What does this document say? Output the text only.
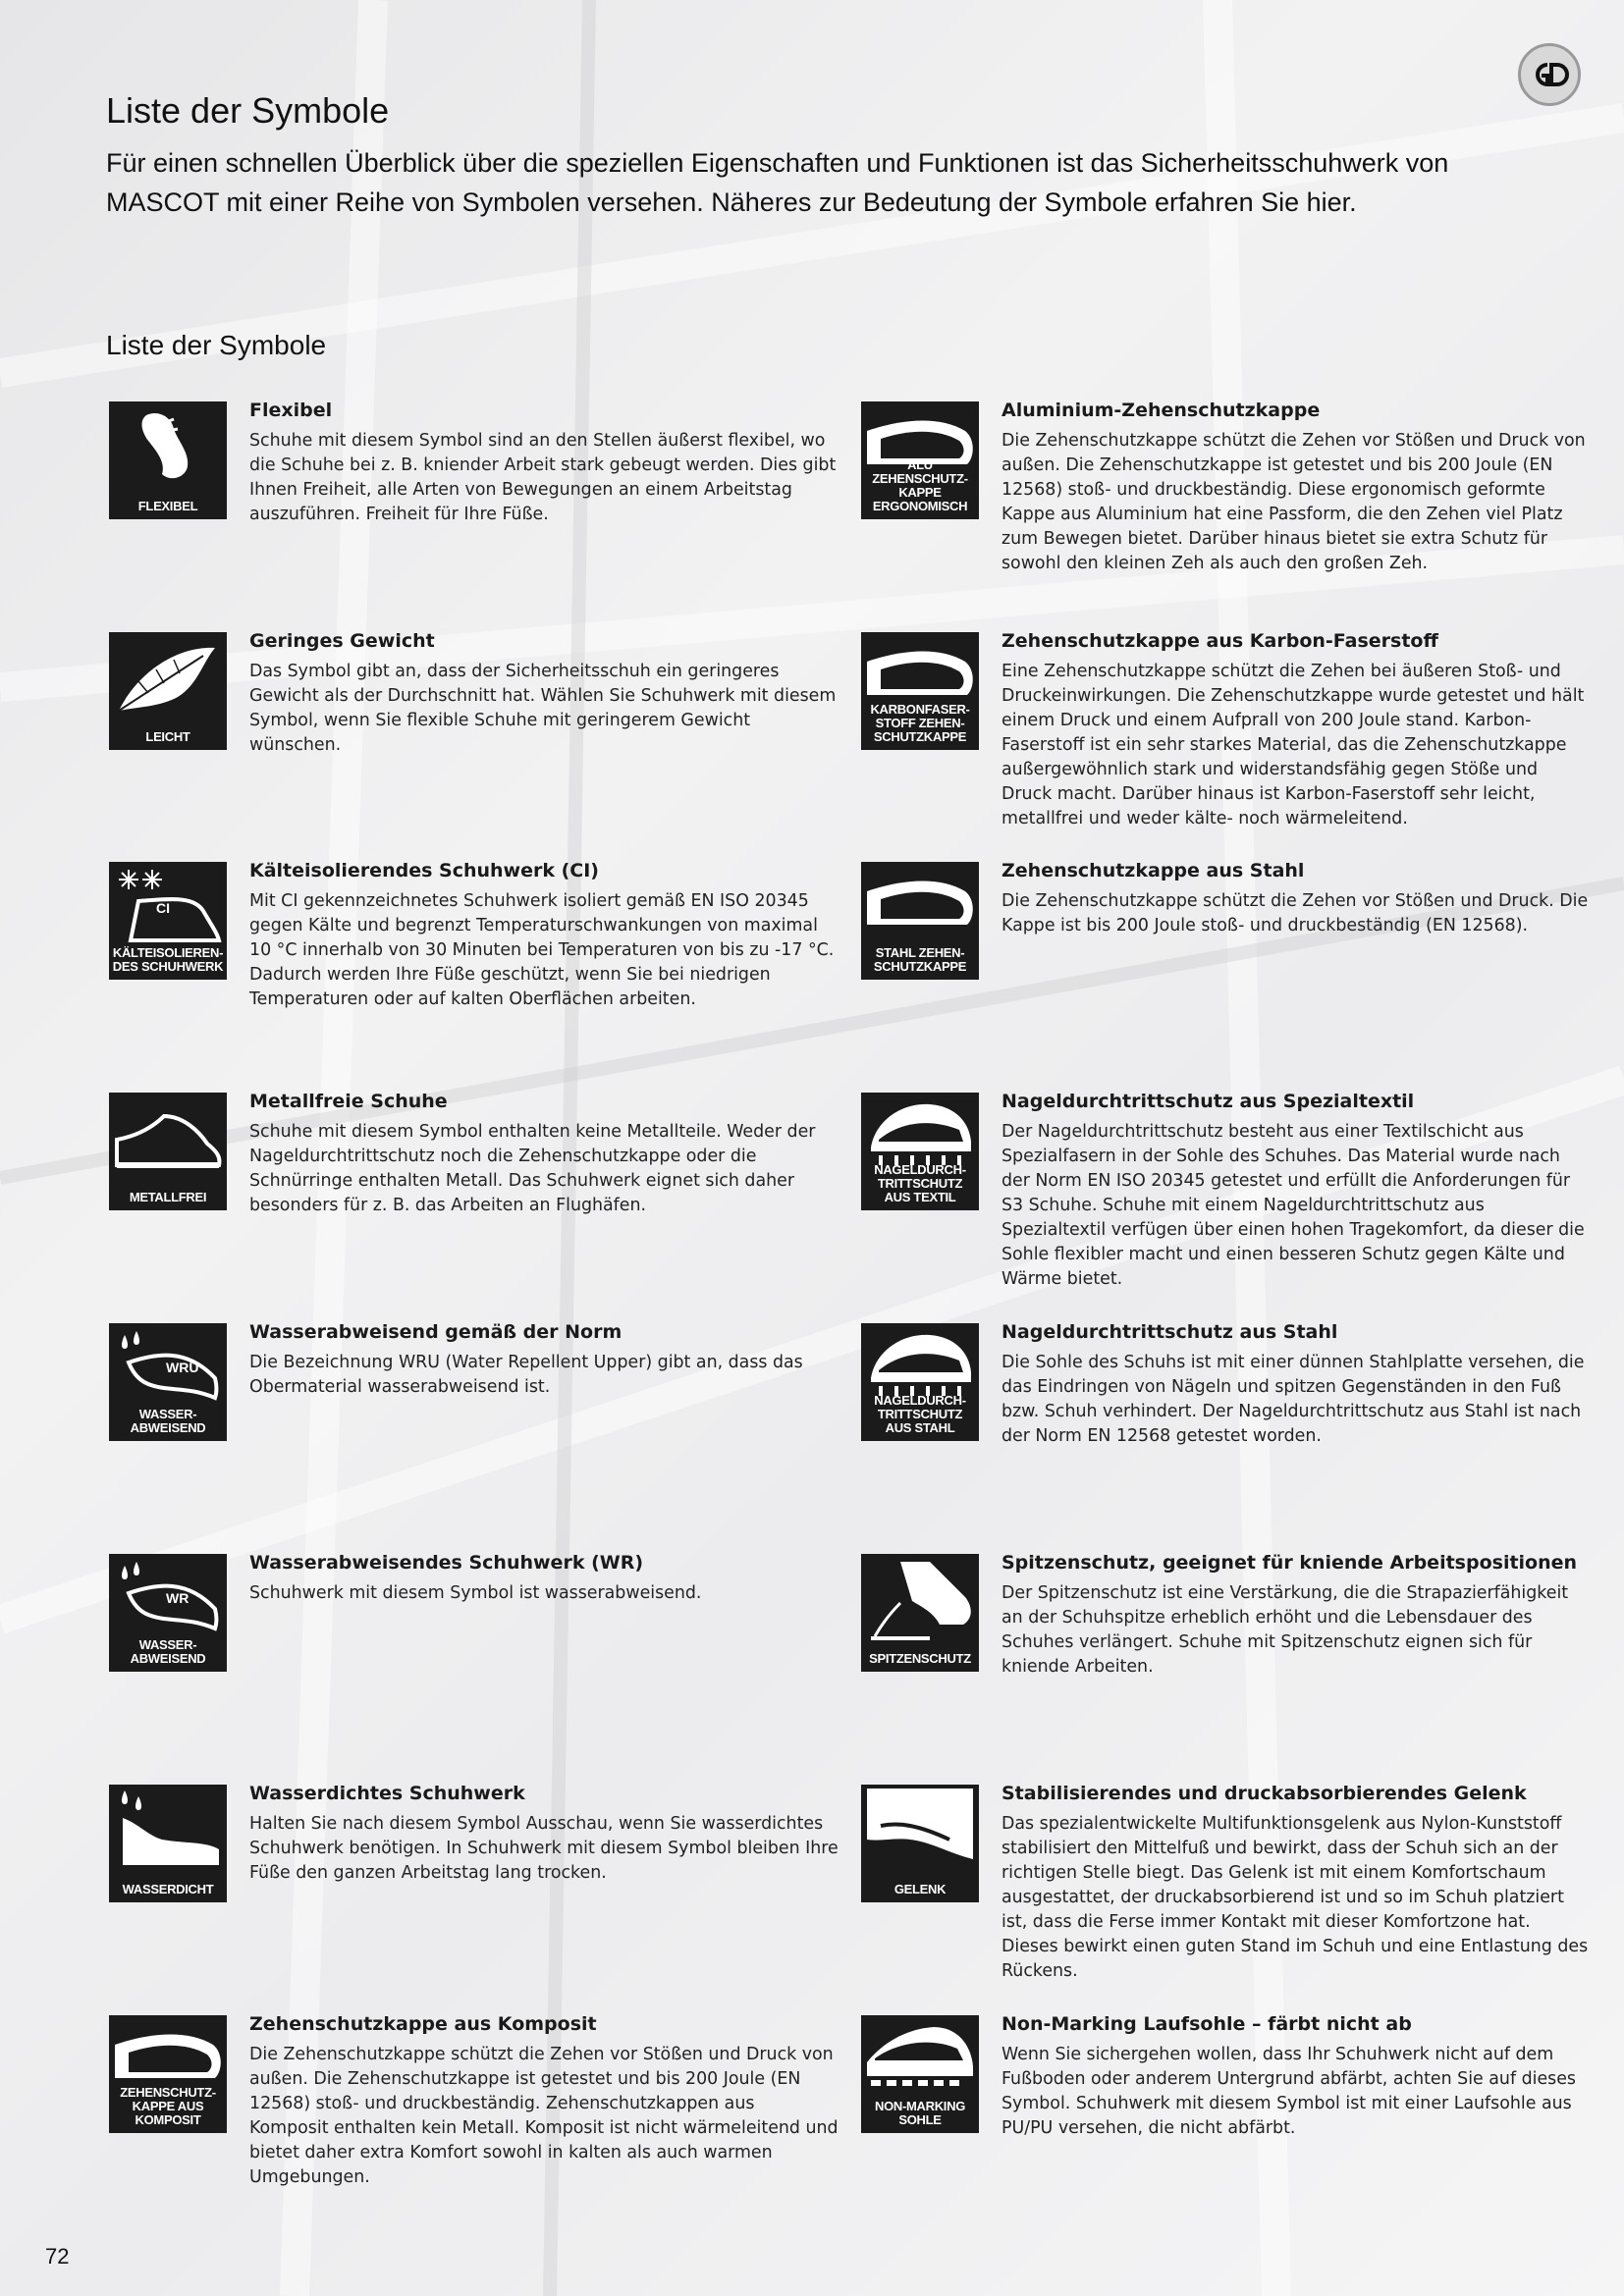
Liste der Symbole

Für einen schnellen Überblick über die speziellen Eigenschaften und Funktionen ist das Sicherheitsschuhwerk von MASCOT mit einer Reihe von Symbolen versehen. Näheres zur Bedeutung der Symbole erfahren Sie hier.

Liste der Symbole
FLEXIBEL
Flexibel

Schuhe mit diesem Symbol sind an den Stellen äußerst flexibel, wo die Schuhe bei z. B. kniender Arbeit stark gebeugt werden. Dies gibt Ihnen Freiheit, alle Arten von Bewegungen an einem Arbeitstag auszuführen. Freiheit für Ihre Füße.

LEICHT
Geringes Gewicht

Das Symbol gibt an, dass der Sicherheitsschuh ein geringeres Gewicht als der Durchschnitt hat. Wählen Sie Schuhwerk mit diesem Symbol, wenn Sie flexible Schuhe mit geringerem Gewicht wünschen.

CI
KÄLTEISOLIEREN-
DES SCHUHWERK
Kälteisolierendes Schuhwerk (CI)

Mit CI gekennzeichnetes Schuhwerk isoliert gemäß EN ISO 20345 gegen Kälte und begrenzt Temperaturschwankungen von maximal 10 °C innerhalb von 30 Minuten bei Temperaturen von bis zu -17 °C. Dadurch werden Ihre Füße geschützt, wenn Sie bei niedrigen Temperaturen oder auf kalten Oberflächen arbeiten.

METALLFREI
Metallfreie Schuhe

Schuhe mit diesem Symbol enthalten keine Metallteile. Weder der Nageldurchtrittschutz noch die Zehenschutzkappe oder die Schnürringe enthalten Metall. Das Schuhwerk eignet sich daher besonders für z. B. das Arbeiten an Flughäfen.

WRU
WASSER-
ABWEISEND
Wasserabweisend gemäß der Norm

Die Bezeichnung WRU (Water Repellent Upper) gibt an, dass das Obermaterial wasserabweisend ist.

WR
WASSER-
ABWEISEND
Wasserabweisendes Schuhwerk (WR)

Schuhwerk mit diesem Symbol ist wasserabweisend.

WASSERDICHT
Wasserdichtes Schuhwerk

Halten Sie nach diesem Symbol Ausschau, wenn Sie wasserdichtes Schuhwerk benötigen. In Schuhwerk mit diesem Symbol bleiben Ihre Füße den ganzen Arbeitstag lang trocken.

ZEHENSCHUTZ-
KAPPE AUS
KOMPOSIT
Zehenschutzkappe aus Komposit

Die Zehenschutzkappe schützt die Zehen vor Stößen und Druck von außen. Die Zehenschutzkappe ist getestet und bis 200 Joule (EN 12568) stoß- und druckbeständig. Zehenschutzkappen aus Komposit enthalten kein Metall. Komposit ist nicht wärmeleitend und bietet daher extra Komfort sowohl in kalten als auch warmen Umgebungen.

ALU
ZEHENSCHUTZ-
KAPPE
ERGONOMISCH
Aluminium-Zehenschutzkappe

Die Zehenschutzkappe schützt die Zehen vor Stößen und Druck von außen. Die Zehenschutzkappe ist getestet und bis 200 Joule (EN 12568) stoß- und druckbeständig. Diese ergonomisch geformte Kappe aus Aluminium hat eine Passform, die den Zehen viel Platz zum Bewegen bietet. Darüber hinaus bietet sie extra Schutz für sowohl den kleinen Zeh als auch den großen Zeh.

KARBONFASER-
STOFF ZEHEN-
SCHUTZKAPPE
Zehenschutzkappe aus Karbon-Faserstoff

Eine Zehenschutzkappe schützt die Zehen bei äußeren Stoß- und Druckeinwirkungen. Die Zehenschutzkappe wurde getestet und hält einem Druck und einem Aufprall von 200 Joule stand. Karbon-Faserstoff ist ein sehr starkes Material, das die Zehenschutzkappe außergewöhnlich stark und widerstandsfähig gegen Stöße und Druck macht. Darüber hinaus ist Karbon-Faserstoff sehr leicht, metallfrei und weder kälte- noch wärmeleitend.

STAHL ZEHEN-
SCHUTZKAPPE
Zehenschutzkappe aus Stahl

Die Zehenschutzkappe schützt die Zehen vor Stößen und Druck. Die Kappe ist bis 200 Joule stoß- und druckbeständig (EN 12568).

NAGELDURCH-
TRITTSCHUTZ
AUS TEXTIL
Nageldurchtrittschutz aus Spezialtextil

Der Nageldurchtrittschutz besteht aus einer Textilschicht aus Spezialfasern in der Sohle des Schuhes. Das Material wurde nach der Norm EN ISO 20345 getestet und erfüllt die Anforderungen für S3 Schuhe. Schuhe mit einem Nageldurchtrittschutz aus Spezialtextil verfügen über einen hohen Tragekomfort, da dieser die Sohle flexibler macht und einen besseren Schutz gegen Kälte und Wärme bietet.

NAGELDURCH-
TRITTSCHUTZ
AUS STAHL
Nageldurchtrittschutz aus Stahl

Die Sohle des Schuhs ist mit einer dünnen Stahlplatte versehen, die das Eindringen von Nägeln und spitzen Gegenständen in den Fuß bzw. Schuh verhindert. Der Nageldurchtrittschutz aus Stahl ist nach der Norm EN 12568 getestet worden.

SPITZENSCHUTZ
Spitzenschutz, geeignet für kniende Arbeitspositionen

Der Spitzenschutz ist eine Verstärkung, die die Strapazierfähigkeit an der Schuhspitze erheblich erhöht und die Lebensdauer des Schuhes verlängert. Schuhe mit Spitzenschutz eignen sich für kniende Arbeiten.

GELENK
Stabilisierendes und druckabsorbierendes Gelenk

Das spezialentwickelte Multifunktionsgelenk aus Nylon-Kunststoff stabilisiert den Mittelfuß und bewirkt, dass der Schuh sich an der richtigen Stelle biegt. Das Gelenk ist mit einem Komfortschaum ausgestattet, der druckabsorbierend ist und so im Schuh platziert ist, dass die Ferse immer Kontakt mit dieser Komfortzone hat. Dieses bewirkt einen guten Stand im Schuh und eine Entlastung des Rückens.

NON-MARKING
SOHLE
Non-Marking Laufsohle – färbt nicht ab

Wenn Sie sichergehen wollen, dass Ihr Schuhwerk nicht auf dem Fußboden oder anderem Untergrund abfärbt, achten Sie auf dieses Symbol. Schuhwerk mit diesem Symbol ist mit einer Laufsohle aus PU/PU versehen, die nicht abfärbt.

72
